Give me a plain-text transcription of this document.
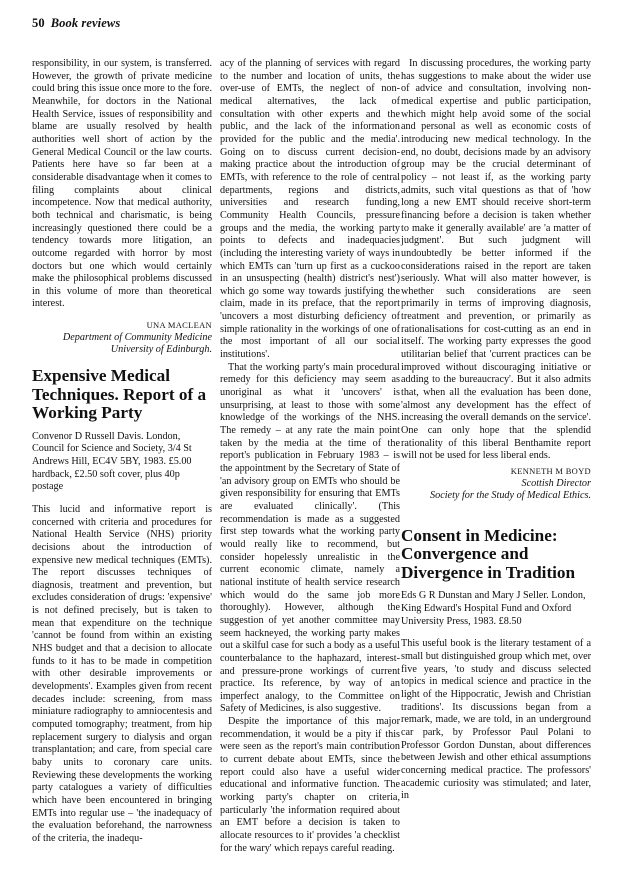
50 Book reviews

responsibility, in our system, is transferred. However, the growth of private medicine could bring this issue once more to the fore. Meanwhile, for doctors in the National Health Service, issues of responsibility and blame are usually resolved by health authorities well short of action by the General Medical Council or the law courts. Patients here have so far been at a considerable disadvantage when it comes to filing complaints about clinical incompetence. Now that medical authority, both technical and charismatic, is being increasingly questioned there could be a tendency towards more litigation, an outcome regarded with horror by most doctors but one which would certainly make the philosophical problems discussed in this volume of more than theoretical interest.

UNA MACLEAN
Department of Community Medicine
University of Edinburgh.
Expensive Medical Techniques. Report of a Working Party

Convenor D Russell Davis. London, Council for Science and Society, 3/4 St Andrews Hill, EC4V 5BY, 1983. £5.00 hardback, £2.50 soft cover, plus 40p postage

This lucid and informative report is concerned with criteria and procedures for National Health Service (NHS) priority decisions about the introduction of expensive new medical techniques (EMTs). The report discusses techniques of diagnosis, treatment and prevention, but excludes consideration of drugs: 'expensive' is not defined precisely, but is taken to mean that expenditure on the technique 'cannot be found from within an existing NHS budget and that a decision to allocate funds to it has to be made in competition with other desirable improvements or developments'. Examples given from recent decades include: screening, from mass miniature radiography to amniocentesis and computed tomography; treatment, from hip replacement surgery to dialysis and organ transplantation; and care, from special care baby units to coronary care units. Reviewing these developments the working party catalogues a variety of difficulties which have been encountered in bringing EMTs into regular use – 'the inadequacy of the evaluation beforehand, the narrowness of the criteria, the inadequ-

acy of the planning of services with regard to the number and location of units, the over-use of EMTs, the neglect of non-medical alternatives, the lack of consultation with other experts and the public, and the lack of the information provided for the public and the media'. Going on to discuss current decision-making practice about the introduction of EMTs, with reference to the role of central departments, regions and districts, universities and research funding, Community Health Councils, pressure groups and the media, the working party points to defects and inadequacies (including the interesting variety of ways in which EMTs can 'turn up first as a cuckoo in an unsuspecting (health) district's nest') which go some way towards justifying the claim, made in its preface, that the report 'uncovers a most disturbing deficiency of simple rationality in the workings of one of the most important of all our social institutions'.

That the working party's main procedural remedy for this deficiency may seem as unoriginal as what it 'uncovers' is unsurprising, at least to those with some knowledge of the workings of the NHS. The remedy – at any rate the main point taken by the media at the time of the report's publication in February 1983 – is the appointment by the Secretary of State of 'an advisory group on EMTs who should be given responsibility for ensuring that EMTs are evaluated clinically'. (This recommendation is made as a suggested first step towards what the working party would really like to recommend, but consider hopelessly unrealistic in the current economic climate, namely a national institute of health service research which would do the same job more thoroughly). However, although the suggestion of yet another committee may seem hackneyed, the working party makes out a skilful case for such a body as a useful counterbalance to the haphazard, interest- and pressure-prone workings of current practice. Its reference, by way of an imperfect analogy, to the Committee on Safety of Medicines, is also suggestive.

Despite the importance of this major recommendation, it would be a pity if this were seen as the report's main contribution to current debate about EMTs, since the report could also have a useful wider educational and informative function. The working party's chapter on criteria, particularly 'the information required about an EMT before a decision is taken to allocate resources to it' provides 'a checklist for the wary' which repays careful reading.

In discussing procedures, the working party has suggestions to make about the wider use of advice and consultation, involving non-medical expertise and public participation, which might help avoid some of the social and personal as well as economic costs of introducing new medical technology. In the end, no doubt, decisions made by an advisory group may be the crucial determinant of policy – not least if, as the working party admits, such vital questions as that of 'how long a new EMT should receive short-term financing before a decision is taken whether to make it generally available' are 'a matter of judgment'. But such judgment will undoubtedly be better informed if the considerations raised in the report are taken seriously. What will also matter however, is whether such considerations are seen primarily in terms of improving diagnosis, treatment and prevention, or primarily as rationalisations for cost-cutting as an end in itself. The working party expresses the good utilitarian belief that 'current practices can be improved without discouraging initiative or adding to the bureaucracy'. But it also admits that, when all the evaluation has been done, 'almost any development has the effect of increasing the overall demands on the service'. One can only hope that the splendid rationality of this liberal Benthamite report will not be used for less liberal ends.

KENNETH M BOYD
Scottish Director
Society for the Study of Medical Ethics.
Consent in Medicine: Convergence and Divergence in Tradition

Eds G R Dunstan and Mary J Seller. London, King Edward's Hospital Fund and Oxford University Press, 1983. £8.50

This useful book is the literary testament of a small but distinguished group which met, over five years, 'to study and discuss selected topics in medical science and practice in the light of the Hippocratic, Jewish and Christian traditions'. Its discussions began from a remark, made, we are told, in an underground car park, by Professor Paul Polani to Professor Gordon Dunstan, about differences between Jewish and other ethical assumptions concerning medical practice. The professors' academic curiosity was stimulated; and later, in
